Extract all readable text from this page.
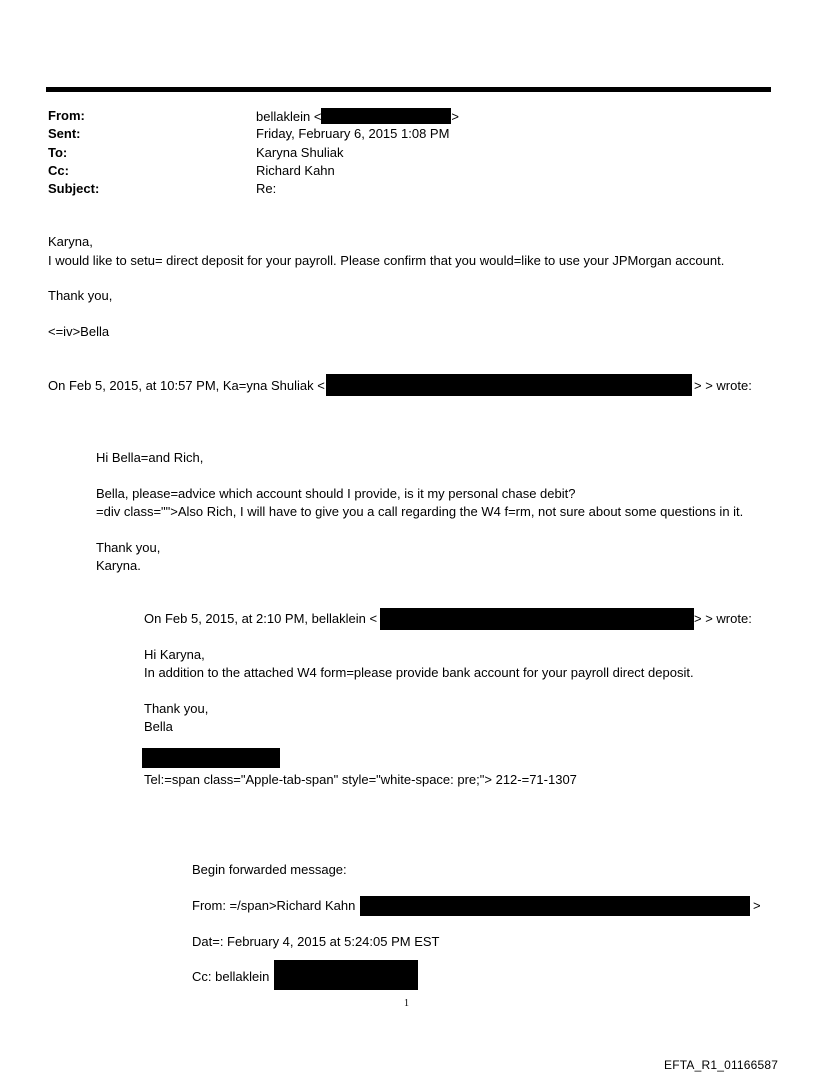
From:	bellaklein <	>
Sent:	Friday, February 6, 2015 1:08 PM
To:	Karyna Shuliak
Cc:	Richard Kahn
Subject:	Re:
Karyna,
I would like to setu= direct deposit for your payroll. Please confirm that you would=like to use your JPMorgan account.
Thank you,
<=iv>Bella
On Feb 5, 2015, at 10:57 PM, Ka=yna Shuliak <	> > wrote:
Hi Bella=and Rich,
Bella, please=advice which account should I provide, is it my personal chase debit?
=div class="">Also Rich, I will have to give you a call regarding the W4 f=rm, not sure about some questions in it.
Thank you,
Karyna.
On Feb 5, 2015, at 2:10 PM, bellaklein <	> > wrote:
Hi Karyna,
In addition to the attached W4 form=please provide bank account for your payroll direct deposit.
Thank you,
Bella
Tel:=span class="Apple-tab-span" style="white-space: pre;"> 212-=71-1307
Begin forwarded message:
From: =/span>Richard Kahn	>
Dat=: February 4, 2015 at 5:24:05 PM EST
Cc: bellaklein
1
EFTA_R1_01166587
